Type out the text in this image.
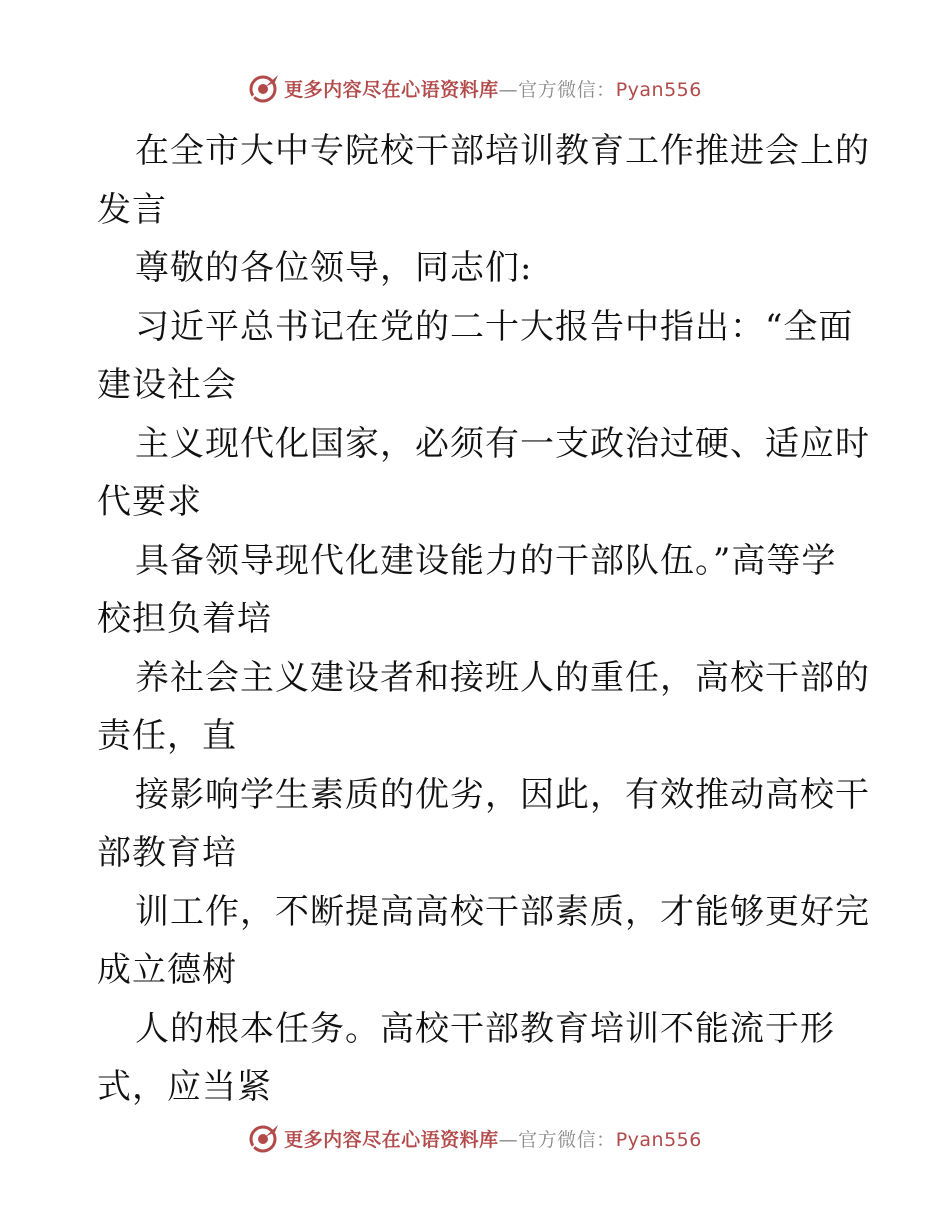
更多内容尽在心语资料库—官方微信：Pyan556
在全市大中专院校干部培训教育工作推进会上的
发言
尊敬的各位领导，同志们:
习近平总书记在党的二十大报告中指出：“全面
建设社会
主义现代化国家，必须有一支政治过硬、适应时
代要求
具备领导现代化建设能力的干部队伍。”高等学
校担负着培
养社会主义建设者和接班人的重任，高校干部的
责任，直
接影响学生素质的优劣，因此，有效推动高校干
部教育培
训工作，不断提高高校干部素质，才能够更好完
成立德树
人的根本任务。高校干部教育培训不能流于形
式，应当紧
更多内容尽在心语资料库—官方微信：Pyan556
